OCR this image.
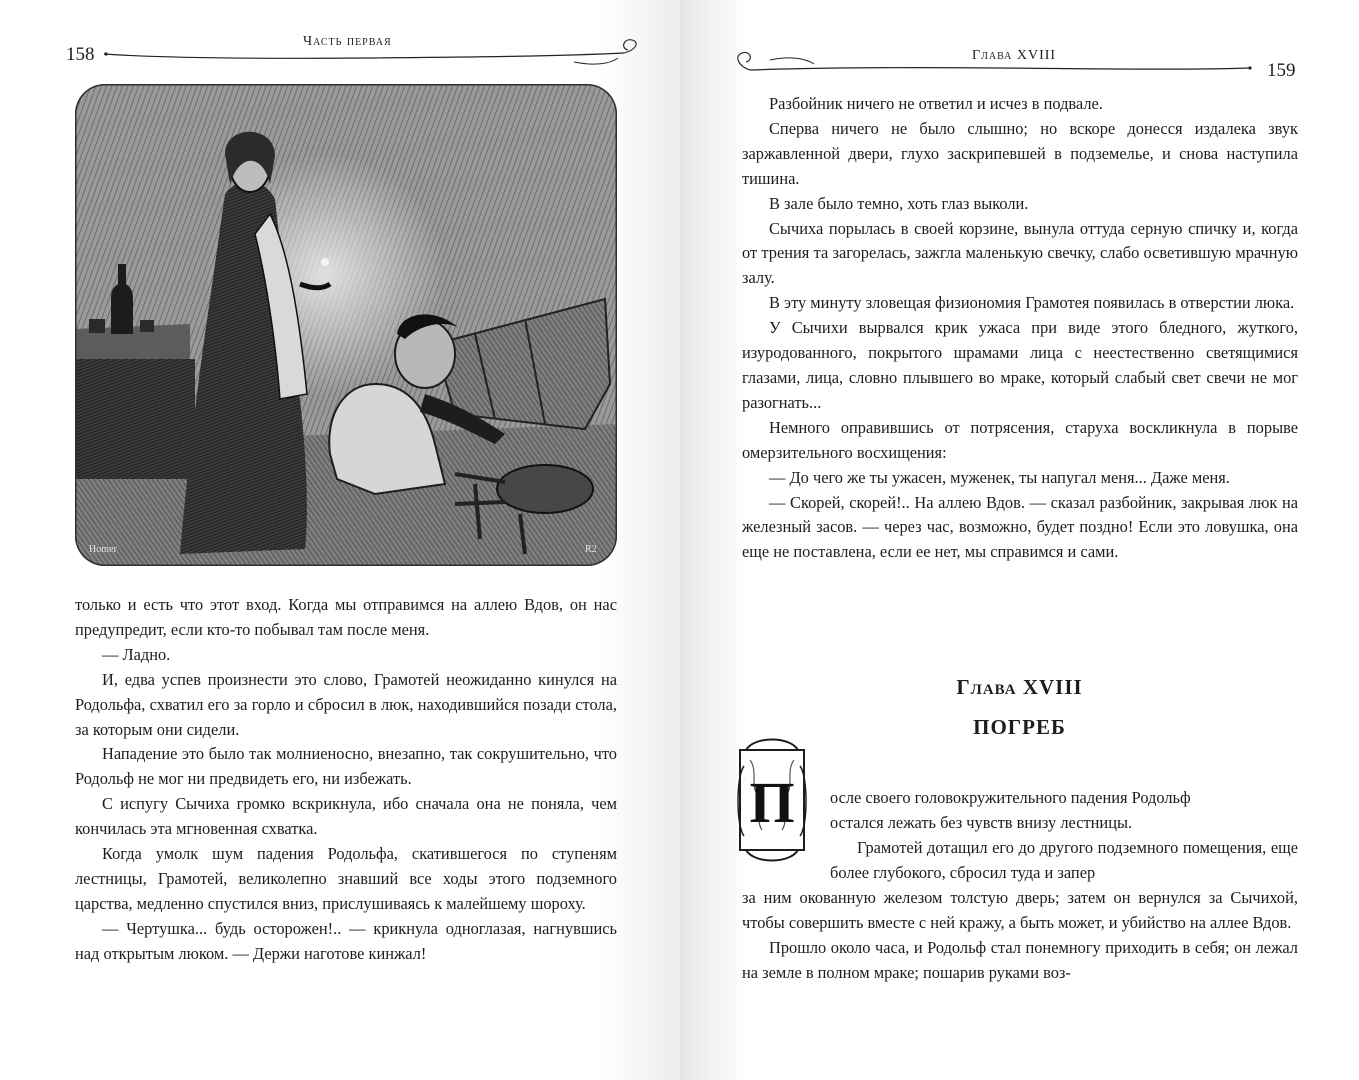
158
Часть первая
Homer	R2

только и есть что этот вход. Когда мы отправимся на аллею Вдов, он нас предупредит, если кто-то побывал там после меня.

— Ладно.

И, едва успев произнести это слово, Грамотей неожиданно кинулся на Родольфа, схватил его за горло и сбросил в люк, находившийся позади стола, за которым они сидели.

Нападение это было так молниеносно, внезапно, так сокрушительно, что Родольф не мог ни предвидеть его, ни избежать.

С испугу Сычиха громко вскрикнула, ибо сначала она не поняла, чем кончилась эта мгновенная схватка.

Когда умолк шум падения Родольфа, скатившегося по ступеням лестницы, Грамотей, великолепно знавший все ходы этого подземного царства, медленно спустился вниз, прислушиваясь к малейшему шороху.

— Чертушка... будь осторожен!.. — крикнула одноглазая, нагнувшись над открытым люком. — Держи наготове кинжал!

159
Глава XVIII

Разбойник ничего не ответил и исчез в подвале.

Сперва ничего не было слышно; но вскоре донесся издалека звук заржавленной двери, глухо заскрипевшей в подземелье, и снова наступила тишина.

В зале было темно, хоть глаз выколи.

Сычиха порылась в своей корзине, вынула оттуда серную спичку и, когда от трения та загорелась, зажгла маленькую свечку, слабо осветившую мрачную залу.

В эту минуту зловещая физиономия Грамотея появилась в отверстии люка.

У Сычихи вырвался крик ужаса при виде этого бледного, жуткого, изуродованного, покрытого шрамами лица с неестественно светящимися глазами, лица, словно плывшего во мраке, который слабый свет свечи не мог разогнать...

Немного оправившись от потрясения, старуха воскликнула в порыве омерзительного восхищения:

— До чего же ты ужасен, муженек, ты напугал меня... Даже меня.

— Скорей, скорей!.. На аллею Вдов. — сказал разбойник, закрывая люк на железный засов. — через час, возможно, будет поздно! Если это ловушка, она еще не поставлена, если ее нет, мы справимся и сами.

Глава XVIII
ПОГРЕБ

осле своего головокружительного падения Родольф

остался лежать без чувств внизу лестницы.

Грамотей дотащил его до другого подземного помещения, еще более глубокого, сбросил туда и запер

за ним окованную железом толстую дверь; затем он вернулся за Сычихой, чтобы совершить вместе с ней кражу, а быть может, и убийство на аллее Вдов.

Прошло около часа, и Родольф стал понемногу приходить в себя; он лежал на земле в полном мраке; пошарив руками воз-

П
